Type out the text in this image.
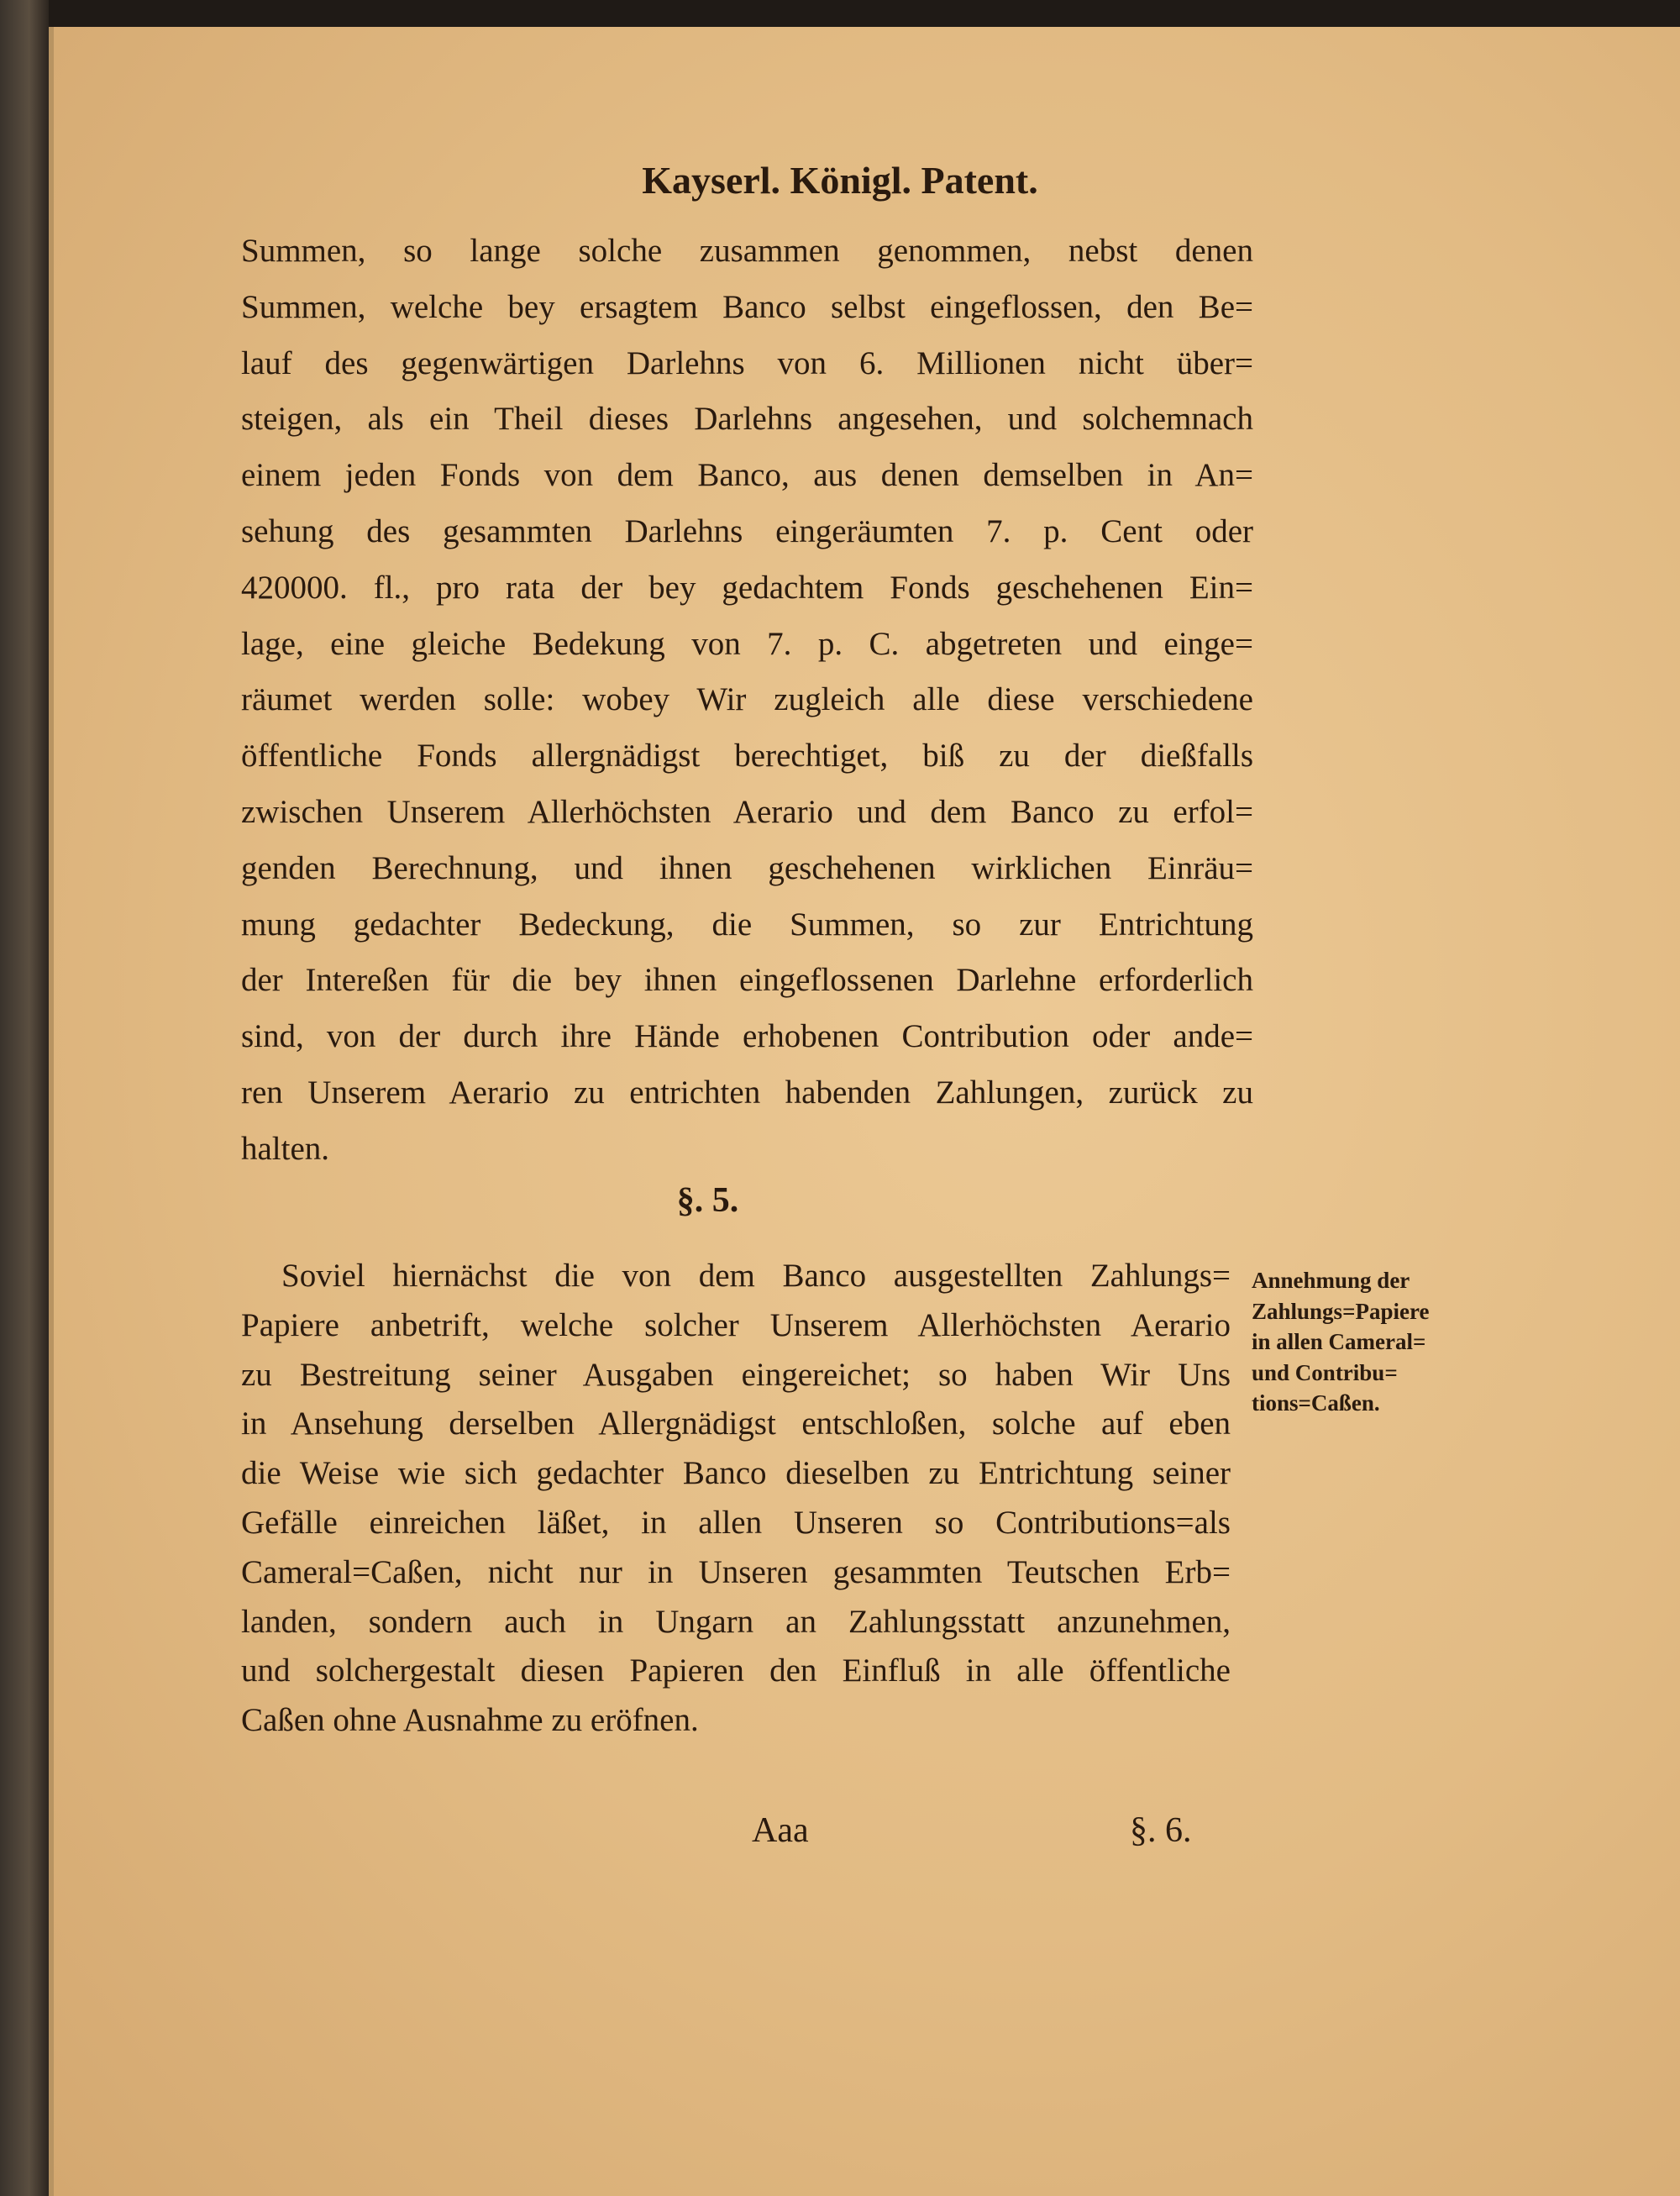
Kayserl. Königl. Patent.
Summen, so lange solche zusammen genommen, nebst denen
Summen, welche bey ersagtem Banco selbst eingeflossen, den Be=
lauf des gegenwärtigen Darlehns von 6. Millionen nicht über=
steigen, als ein Theil dieses Darlehns angesehen, und solchemnach
einem jeden Fonds von dem Banco, aus denen demselben in An=
sehung des gesammten Darlehns eingeräumten 7. p. Cent oder
420000. fl., pro rata der bey gedachtem Fonds geschehenen Ein=
lage, eine gleiche Bedekung von 7. p. C. abgetreten und einge=
räumet werden solle: wobey Wir zugleich alle diese verschiedene
öffentliche Fonds allergnädigst berechtiget, biß zu der dießfalls
zwischen Unserem Allerhöchsten Aerario und dem Banco zu erfol=
genden Berechnung, und ihnen geschehenen wirklichen Einräu=
mung gedachter Bedeckung, die Summen, so zur Entrichtung
der Intereßen für die bey ihnen eingeflossenen Darlehne erforderlich
sind, von der durch ihre Hände erhobenen Contribution oder ande=
ren Unserem Aerario zu entrichten habenden Zahlungen, zurück zu
halten.
§. 5.
Soviel hiernächst die von dem Banco ausgestellten Zahlungs=
Papiere anbetrift, welche solcher Unserem Allerhöchsten Aerario
zu Bestreitung seiner Ausgaben eingereichet; so haben Wir Uns
in Ansehung derselben Allergnädigst entschloßen, solche auf eben
die Weise wie sich gedachter Banco dieselben zu Entrichtung seiner
Gefälle einreichen läßet, in allen Unseren so Contributions=als
Cameral=Caßen, nicht nur in Unseren gesammten Teutschen Erb=
landen, sondern auch in Ungarn an Zahlungsstatt anzunehmen,
und solchergestalt diesen Papieren den Einfluß in alle öffentliche
Caßen ohne Ausnahme zu eröfnen.
Annehmung der
Zahlungs=Papiere
in allen Cameral=
und Contribu=
tions=Caßen.
Aaa	§. 6.
